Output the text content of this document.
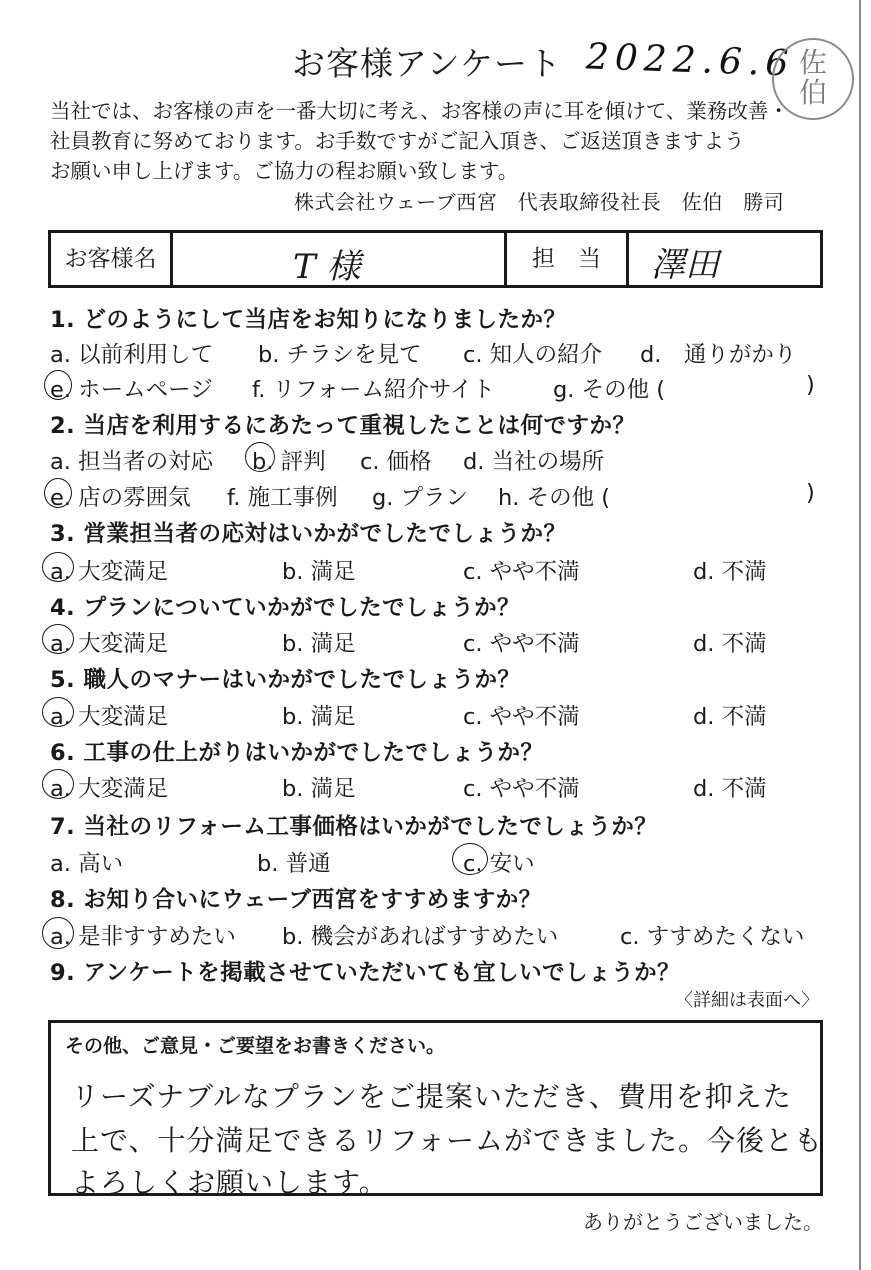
お客様アンケート 2022.6.6 佐
伯
当社では、お客様の声を一番大切に考え、お客様の声に耳を傾けて、業務改善・
社員教育に努めております。お手数ですがご記入頂き、ご返送頂きますよう
お願い申し上げます。ご協力の程お願い致します。
株式会社ウェーブ西宮　代表取締役社長　佐伯　勝司
お客様名	T 様	担　当	澤田
1. どのようにして当店をお知りになりましたか？
a. 以前利用して b. チラシを見て c. 知人の紹介 d.　通りがかり
e. ホームページ f. リフォーム紹介サイト	g. その他 (	)
2. 当店を利用するにあたって重視したことは何ですか？
a. 担当者の対応 b. 評判 c. 価格 d. 当社の場所
e. 店の雰囲気 f. 施工事例 g. プラン h. その他 (	)
3. 営業担当者の応対はいかがでしたでしょうか？
a. 大変満足	b. 満足	c. やや不満	d. 不満
4. プランについていかがでしたでしょうか？
a. 大変満足	b. 満足	c. やや不満	d. 不満
5. 職人のマナーはいかがでしたでしょうか？
a. 大変満足	b. 満足	c. やや不満	d. 不満
6. 工事の仕上がりはいかがでしたでしょうか？
a. 大変満足	b. 満足	c. やや不満	d. 不満
7. 当社のリフォーム工事価格はいかがでしたでしょうか？
a. 高い	b. 普通	c. 安い
8. お知り合いにウェーブ西宮をすすめますか？
a. 是非すすめたい b. 機会があればすすめたい	c. すすめたくない
9. アンケートを掲載させていただいても宜しいでしょうか？
〈詳細は表面へ〉
その他、ご意見・ご要望をお書きください。
リーズナブルなプランをご提案いただき、費用を抑えた
上で、十分満足できるリフォームができました。今後とも
よろしくお願いします。
ありがとうございました。
